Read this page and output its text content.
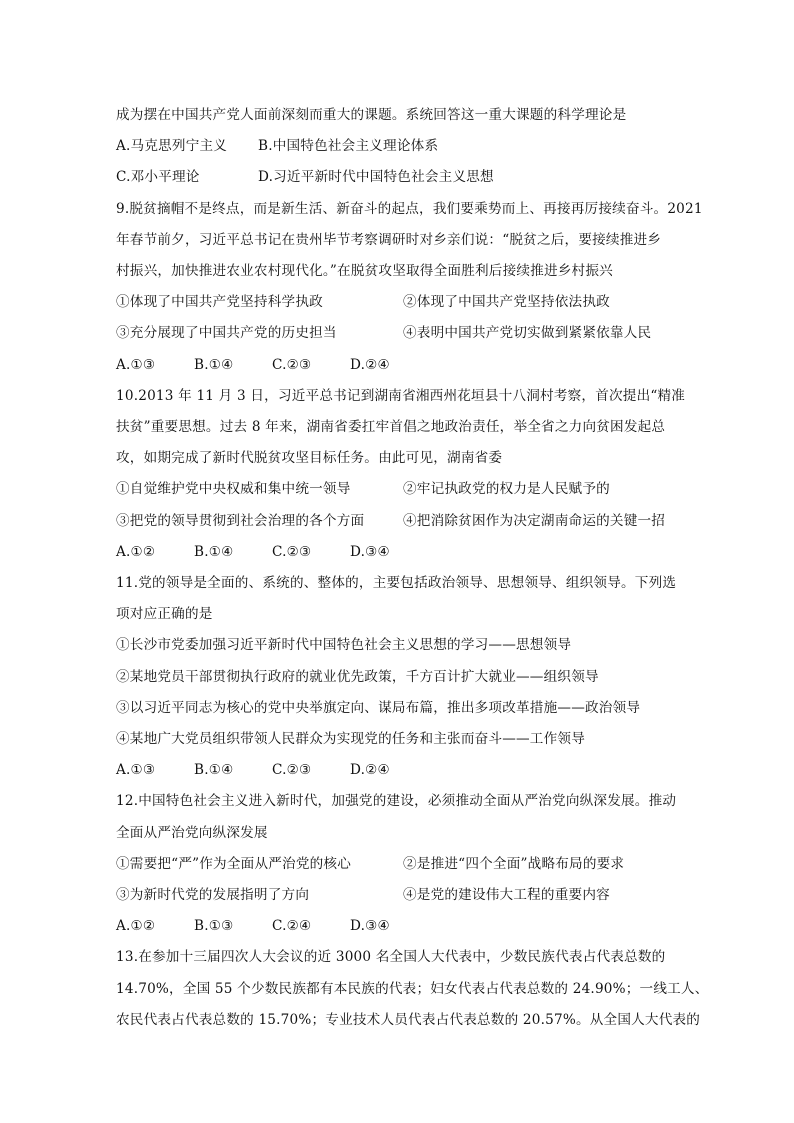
成为摆在中国共产党人面前深刻而重大的课题。系统回答这一重大课题的科学理论是
A.马克思列宁主义	B.中国特色社会主义理论体系
C.邓小平理论	D.习近平新时代中国特色社会主义思想
9.脱贫摘帽不是终点，而是新生活、新奋斗的起点，我们要乘势而上、再接再厉接续奋斗。2021
年春节前夕，习近平总书记在贵州毕节考察调研时对乡亲们说：“脱贫之后，要接续推进乡
村振兴，加快推进农业农村现代化。”在脱贫攻坚取得全面胜利后接续推进乡村振兴
①体现了中国共产党坚持科学执政	②体现了中国共产党坚持依法执政
③充分展现了中国共产党的历史担当	④表明中国共产党切实做到紧紧依靠人民
A.①③	B.①④	C.②③	D.②④
10.2013 年 11 月 3 日，习近平总书记到湖南省湘西州花垣县十八洞村考察，首次提出“精准
扶贫”重要思想。过去 8 年来，湖南省委扛牢首倡之地政治责任，举全省之力向贫困发起总
攻，如期完成了新时代脱贫攻坚目标任务。由此可见，湖南省委
①自觉维护党中央权威和集中统一领导	②牢记执政党的权力是人民赋予的
③把党的领导贯彻到社会治理的各个方面	④把消除贫困作为决定湖南命运的关键一招
A.①②	B.①④	C.②③	D.③④
11.党的领导是全面的、系统的、整体的，主要包括政治领导、思想领导、组织领导。下列选
项对应正确的是
①长沙市党委加强习近平新时代中国特色社会主义思想的学习——思想领导
②某地党员干部贯彻执行政府的就业优先政策，千方百计扩大就业——组织领导
③以习近平同志为核心的党中央举旗定向、谋局布篇，推出多项改革措施——政治领导
④某地广大党员组织带领人民群众为实现党的任务和主张而奋斗——工作领导
A.①③	B.①④	C.②③	D.②④
12.中国特色社会主义进入新时代，加强党的建设，必须推动全面从严治党向纵深发展。推动
全面从严治党向纵深发展
①需要把“严”作为全面从严治党的核心	②是推进“四个全面”战略布局的要求
③为新时代党的发展指明了方向	④是党的建设伟大工程的重要内容
A.①②	B.①③	C.②④	D.③④
13.在参加十三届四次人大会议的近 3000 名全国人大代表中，少数民族代表占代表总数的
14.70%，全国 55 个少数民族都有本民族的代表；妇女代表占代表总数的 24.90%；一线工人、
农民代表占代表总数的 15.70%；专业技术人员代表占代表总数的 20.57%。从全国人大代表的
